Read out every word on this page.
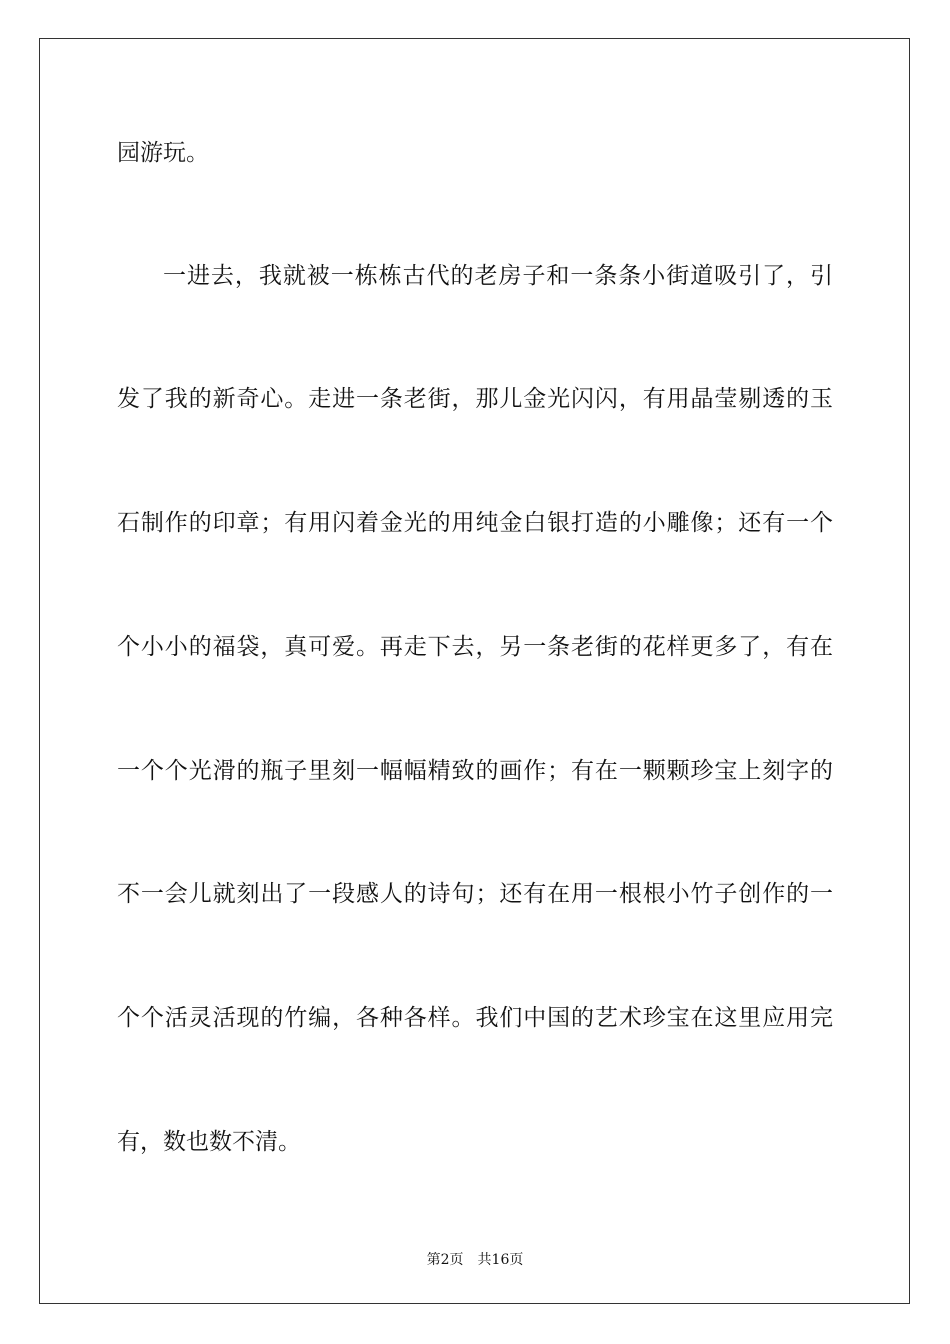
园游玩。
一进去，我就被一栋栋古代的老房子和一条条小街道吸引了，引
发了我的新奇心。走进一条老街，那儿金光闪闪，有用晶莹剔透的玉
石制作的印章；有用闪着金光的用纯金白银打造的小雕像；还有一个
个小小的福袋，真可爱。再走下去，另一条老街的花样更多了，有在
一个个光滑的瓶子里刻一幅幅精致的画作；有在一颗颗珍宝上刻字的
不一会儿就刻出了一段感人的诗句；还有在用一根根小竹子创作的一
个个活灵活现的竹编，各种各样。我们中国的艺术珍宝在这里应用完
有，数也数不清。
第2页 共16页
